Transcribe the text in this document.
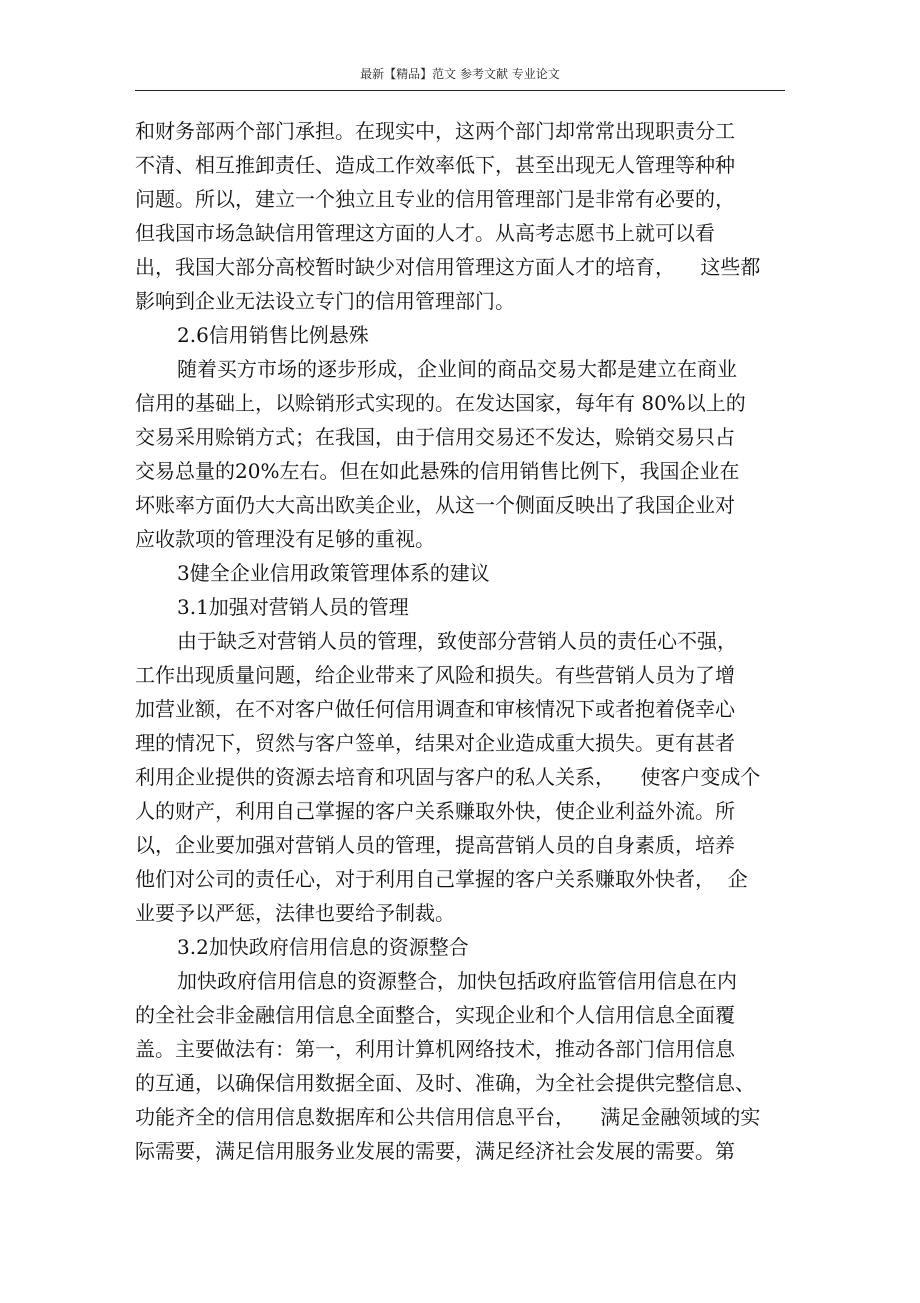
最新【精品】范文 参考文献 专业论文
和财务部两个部门承担。在现实中，这两个部门却常常出现职责分工
不清、相互推卸责任、造成工作效率低下，甚至出现无人管理等种种
问题。所以，建立一个独立且专业的信用管理部门是非常有必要的，
但我国市场急缺信用管理这方面的人才。从高考志愿书上就可以看
出，我国大部分高校暂时缺少对信用管理这方面人才的培育，    这些都
影响到企业无法设立专门的信用管理部门。
2.6信用销售比例悬殊
随着买方市场的逐步形成，企业间的商品交易大都是建立在商业
信用的基础上，以赊销形式实现的。在发达国家，每年有 80%以上的
交易采用赊销方式；在我国，由于信用交易还不发达，赊销交易只占
交易总量的20%左右。但在如此悬殊的信用销售比例下，我国企业在
坏账率方面仍大大高出欧美企业，从这一个侧面反映出了我国企业对
应收款项的管理没有足够的重视。
3健全企业信用政策管理体系的建议
3.1加强对营销人员的管理
由于缺乏对营销人员的管理，致使部分营销人员的责任心不强，
工作出现质量问题，给企业带来了风险和损失。有些营销人员为了增
加营业额，在不对客户做任何信用调查和审核情况下或者抱着侥幸心
理的情况下，贸然与客户签单，结果对企业造成重大损失。更有甚者
利用企业提供的资源去培育和巩固与客户的私人关系，    使客户变成个
人的财产，利用自己掌握的客户关系赚取外快，使企业利益外流。所
以，企业要加强对营销人员的管理，提高营销人员的自身素质，培养
他们对公司的责任心，对于利用自己掌握的客户关系赚取外快者，  企
业要予以严惩，法律也要给予制裁。
3.2加快政府信用信息的资源整合
加快政府信用信息的资源整合，加快包括政府监管信用信息在内
的全社会非金融信用信息全面整合，实现企业和个人信用信息全面覆
盖。主要做法有：第一，利用计算机网络技术，推动各部门信用信息
的互通，以确保信用数据全面、及时、准确，为全社会提供完整信息、
功能齐全的信用信息数据库和公共信用信息平台，    满足金融领域的实
际需要，满足信用服务业发展的需要，满足经济社会发展的需要。第
